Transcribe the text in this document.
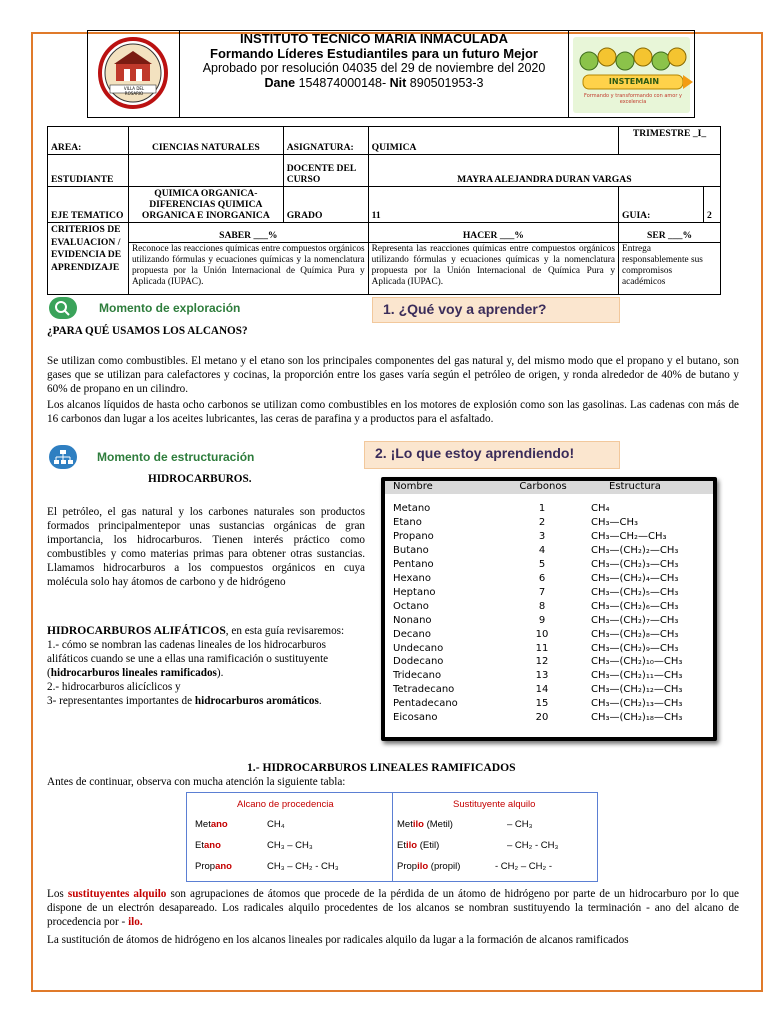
VILLA DEL ROSARIO
INSTITUTO TECNICO MARIA INMACULADA
Formando Líderes Estudiantiles para un futuro Mejor
Aprobado por resolución 04035 del 29 de noviembre del 2020
Dane 154874000148- Nit 890501953-3	INSTEMAIN
Formando y transformando con amor y excelencia
AREA:	CIENCIAS NATURALES	ASIGNATURA:	QUIMICA	TRIMESTRE _I_	
ESTUDIANTE		DOCENTE DEL CURSO	MAYRA ALEJANDRA DURAN VARGAS		
EJE TEMATICO	QUIMICA ORGANICA- DIFERENCIAS QUIMICA ORGANICA E INORGANICA	GRADO	11	GUIA:	2
CRITERIOS DE EVALUACION / EVIDENCIA DE APRENDIZAJE	SABER ___%		HACER ___%	SER ___%	
	Reconoce las reacciones químicas entre compuestos orgánicos utilizando fórmulas y ecuaciones químicas y la nomenclatura propuesta por la Unión Internacional de Química Pura y Aplicada (IUPAC).		Representa las reacciones químicas entre compuestos orgánicos utilizando fórmulas y ecuaciones químicas y la nomenclatura propuesta por la Unión Internacional de Química Pura y Aplicada (IUPAC).	Entrega responsablemente sus compromisos académicos	
Momento de exploración	1. ¿Qué voy a aprender?
¿PARA QUÉ USAMOS LOS ALCANOS?
Se utilizan como combustibles. El metano y el etano son los principales componentes del gas natural y, del mismo modo que el propano y el butano, son gases que se utilizan para calefactores y cocinas, la proporción entre los gases varía según el petróleo de origen, y ronda alrededor de 40% de butano y 60% de propano en un cilindro.
Los alcanos líquidos de hasta ocho carbonos se utilizan como combustibles en los motores de explosión como son las gasolinas. Las cadenas con más de 16 carbonos dan lugar a los aceites lubricantes, las ceras de parafina y a productos para el asfaltado.
Momento de estructuración	2. ¡Lo que estoy aprendiendo!
HIDROCARBUROS.
El petróleo, el gas natural y los carbones naturales son productos formados principalmentepor unas sustancias orgánicas de gran importancia, los hidrocarburos. Tienen interés práctico como combustibles y como materias primas para obtener otras sustancias. Llamamos hidrocarburos a los compuestos orgánicos en cuya molécula solo hay átomos de carbono y de hidrógeno
HIDROCARBUROS ALIFÁTICOS, en esta guía revisaremos:
1.- cómo se nombran las cadenas lineales de los hidrocarburos alifáticos cuando se une a ellas una ramificación o sustituyente (hidrocarburos lineales ramificados).
2.- hidrocarburos alicíclicos y
3- representantes importantes de hidrocarburos aromáticos.
Nombre	Carbonos	Estructura
Metano	1	CH₄
Etano	2	CH₃—CH₃
Propano	3	CH₃—CH₂—CH₃
Butano	4	CH₃—(CH₂)₂—CH₃
Pentano	5	CH₃—(CH₂)₃—CH₃
Hexano	6	CH₃—(CH₂)₄—CH₃
Heptano	7	CH₃—(CH₂)₅—CH₃
Octano	8	CH₃—(CH₂)₆—CH₃
Nonano	9	CH₃—(CH₂)₇—CH₃
Decano	10	CH₃—(CH₂)₈—CH₃
Undecano	11	CH₃—(CH₂)₉—CH₃
Dodecano	12	CH₃—(CH₂)₁₀—CH₃
Tridecano	13	CH₃—(CH₂)₁₁—CH₃
Tetradecano	14	CH₃—(CH₂)₁₂—CH₃
Pentadecano	15	CH₃—(CH₂)₁₃—CH₃
Eicosano	20	CH₃—(CH₂)₁₈—CH₃
1.- HIDROCARBUROS LINEALES RAMIFICADOS
Antes de continuar, observa con mucha atención la siguiente tabla:
Alcano de procedencia	Sustituyente alquilo
Metano	CH₄	Metilo (Metil)	– CH₃
Etano	CH₃ – CH₃	Etilo (Etil)	– CH₂ - CH₃
Propano	CH₃ – CH₂ - CH₃	Propilo (propil)	- CH₂ – CH₂ -
Los sustituyentes alquilo son agrupaciones de átomos que procede de la pérdida de un átomo de hidrógeno por parte de un hidrocarburo por lo que dispone de un electrón desapareado. Los radicales alquilo procedentes de los alcanos se nombran sustituyendo la terminación - ano del alcano de procedencia por - ilo.
La sustitución de átomos de hidrógeno en los alcanos lineales por radicales alquilo da lugar a la formación de alcanos ramificados
